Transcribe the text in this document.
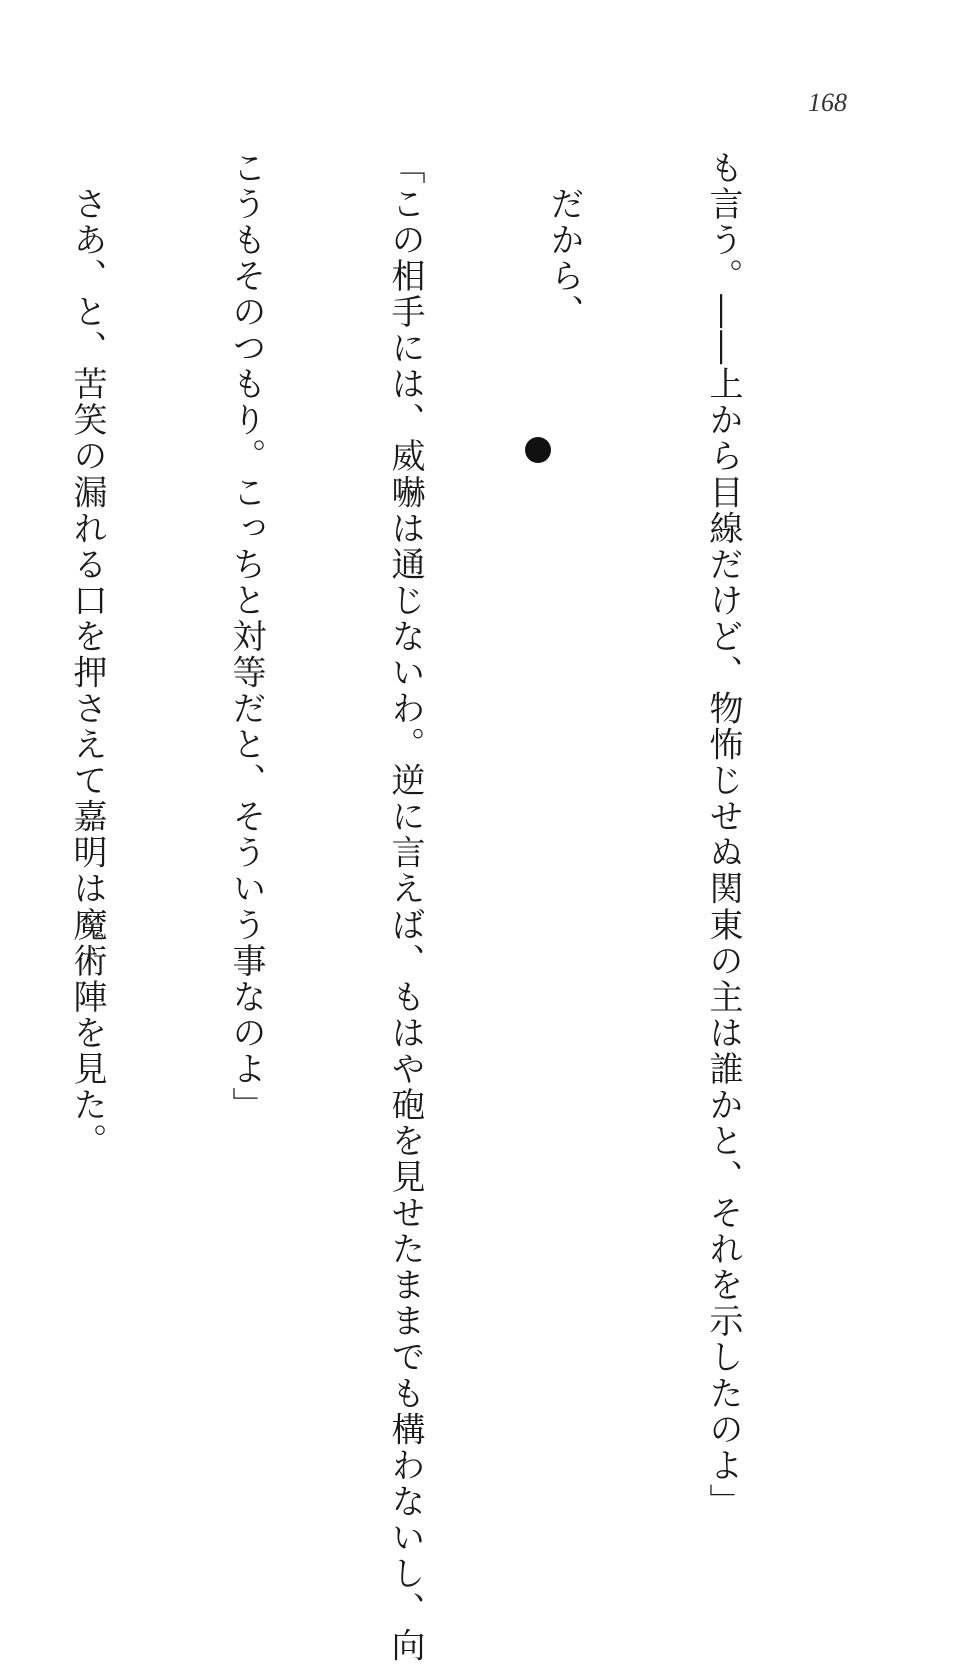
168

も言う。――上から目線だけど、物怖じせぬ関東の主は誰かと、それを示したのよ」

　だから、

「この相手には、威嚇は通じないわ。逆に言えば、もはや砲を見せたままでも構わないし、向

こうもそのつもり。こっちと対等だと、そういう事なのよ」

　さあ、と、苦笑の漏れる口を押さえて嘉明は魔術陣を見た。
